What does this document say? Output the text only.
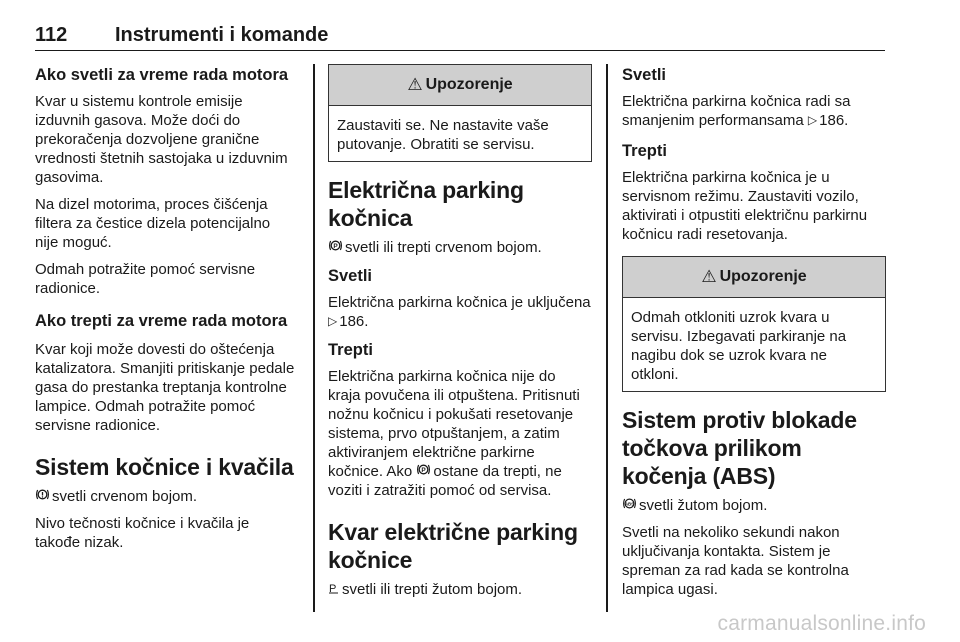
112 Instrumenti i komande
Ako svetli za vreme rada motora

Kvar u sistemu kontrole emisije izduvnih gasova. Može doći do prekoračenja dozvoljene granične vrednosti štetnih sastojaka u izduvnim gasovima.

Na dizel motorima, proces čišćenja filtera za čestice dizela potencijalno nije moguć.

Odmah potražite pomoć servisne radionice.

Ako trepti za vreme rada motora

Kvar koji može dovesti do oštećenja katalizatora. Smanjiti pritiskanje pedale gasa do prestanka treptanja kontrolne lampice. Odmah potražite pomoć servisne radionice.

Sistem kočnice i kvačila

svetli crvenom bojom.

Nivo tečnosti kočnice i kvačila je takođe nizak.

⚠ Upozorenje

Zaustaviti se. Ne nastavite vaše putovanje. Obratiti se servisu.

Električna parking kočnica

P svetli ili trepti crvenom bojom.

Svetli

Električna parkirna kočnica je uključena ▷ 186.

Trepti

Električna parkirna kočnica nije do kraja povučena ili otpuštena. Pritisnuti nožnu kočnicu i pokušati resetovanje sistema, prvo otpuštanjem, a zatim aktiviranjem električne parkirne kočnice. Ako P ostane da trepti, ne voziti i zatražiti pomoć od servisa.

Kvar električne parking kočnice

P svetli ili trepti žutom bojom.

Svetli

Električna parkirna kočnica radi sa smanjenim performansama ▷ 186.

Trepti

Električna parkirna kočnica je u servisnom režimu. Zaustaviti vozilo, aktivirati i otpustiti električnu parkirnu kočnicu radi resetovanja.

⚠ Upozorenje

Odmah otkloniti uzrok kvara u servisu. Izbegavati parkiranje na nagibu dok se uzrok kvara ne otkloni.

Sistem protiv blokade točkova prilikom kočenja (ABS)

ABS svetli žutom bojom.

Svetli na nekoliko sekundi nakon uključivanja kontakta. Sistem je spreman za rad kada se kontrolna lampica ugasi.

carmanualsonline.info
